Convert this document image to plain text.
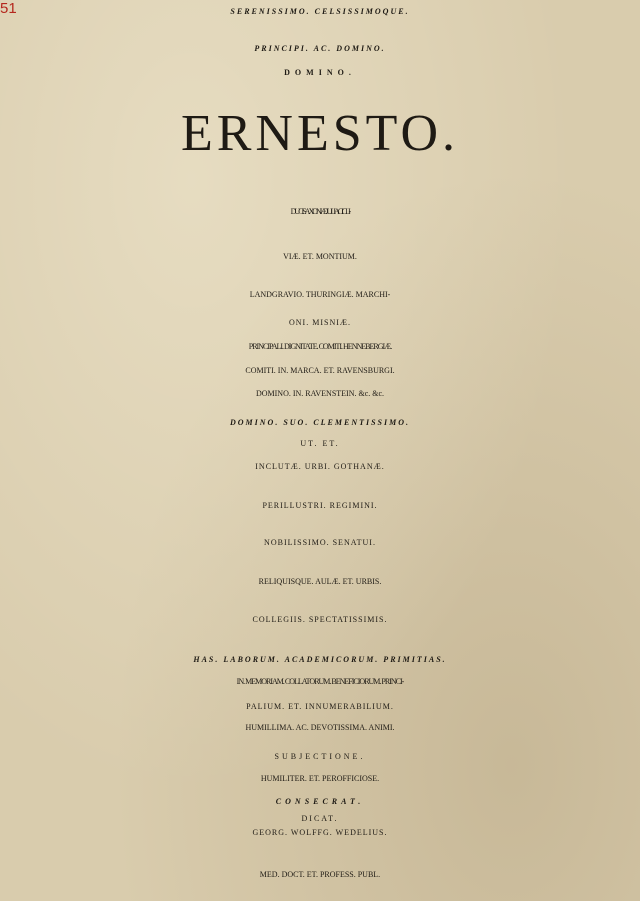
51	SERENISSIMO. CELSISSIMOQUE.
PRINCIPI. AC. DOMINO.
DOMINO.
ERNESTO.
DUCI. SAXONIÆ. JULIACI. CLI-
VIÆ. ET. MONTIUM.
LANDGRAVIO. THURINGIÆ. MARCHI-
ONI. MISNIÆ.
PRINCIPALI. DIGNITATE. COMITI. HENNEBERGIÆ.
COMITI. IN. MARCA. ET. RAVENSBURGI.
DOMINO. IN. RAVENSTEIN. &c. &c.
DOMINO. SUO. CLEMENTISSIMO.
UT. ET.
INCLUTÆ. URBI. GOTHANÆ.
PERILLUSTRI. REGIMINI.
NOBILISSIMO. SENATUI.
RELIQUISQUE. AULÆ. ET. URBIS.
COLLEGIIS. SPECTATISSIMIS.
HAS. LABORUM. ACADEMICORUM. PRIMITIAS.
IN. MEMORIAM. COLLATORUM. BENEFICIORUM. PRINCI-
PALIUM. ET. INNUMERABILIUM.
HUMILLIMA. AC. DEVOTISSIMA. ANIMI.
SUBJECTIONE.
HUMILITER. ET. PEROFFICIOSE.
CONSECRAT.
DICAT.
GEORG. WOLFFG. WEDELIUS.
MED. DOCT. ET. PROFESS. PUBL.
